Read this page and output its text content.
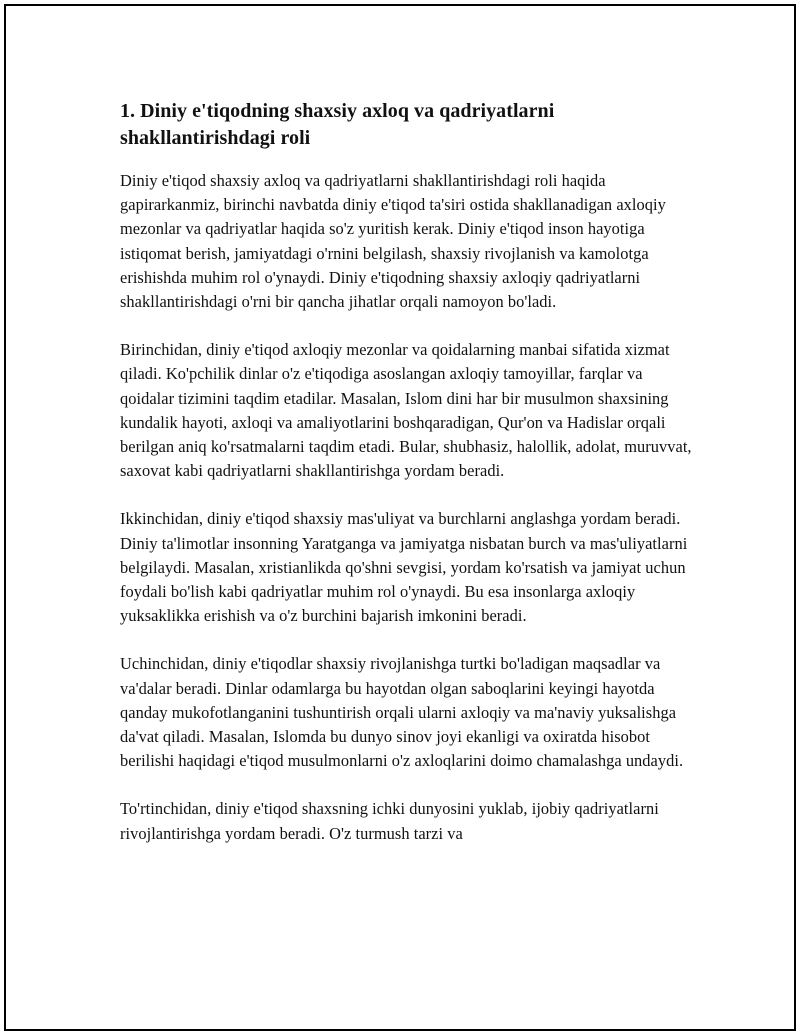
1. Diniy e'tiqodning shaxsiy axloq va qadriyatlarni shakllantirishdagi roli

Diniy e'tiqod shaxsiy axloq va qadriyatlarni shakllantirishdagi roli haqida gapirarkanmiz, birinchi navbatda diniy e'tiqod ta'siri ostida shakllanadigan axloqiy mezonlar va qadriyatlar haqida so'z yuritish kerak. Diniy e'tiqod inson hayotiga istiqomat berish, jamiyatdagi o'rnini belgilash, shaxsiy rivojlanish va kamolotga erishishda muhim rol o'ynaydi. Diniy e'tiqodning shaxsiy axloqiy qadriyatlarni shakllantirishdagi o'rni bir qancha jihatlar orqali namoyon bo'ladi.

Birinchidan, diniy e'tiqod axloqiy mezonlar va qoidalarning manbai sifatida xizmat qiladi. Ko'pchilik dinlar o'z e'tiqodiga asoslangan axloqiy tamoyillar, farqlar va qoidalar tizimini taqdim etadilar. Masalan, Islom dini har bir musulmon shaxsining kundalik hayoti, axloqi va amaliyotlarini boshqaradigan, Qur'on va Hadislar orqali berilgan aniq ko'rsatmalarni taqdim etadi. Bular, shubhasiz, halollik, adolat, muruvvat, saxovat kabi qadriyatlarni shakllantirishga yordam beradi.

Ikkinchidan, diniy e'tiqod shaxsiy mas'uliyat va burchlarni anglashga yordam beradi. Diniy ta'limotlar insonning Yaratganga va jamiyatga nisbatan burch va mas'uliyatlarni belgilaydi. Masalan, xristianlikda qo'shni sevgisi, yordam ko'rsatish va jamiyat uchun foydali bo'lish kabi qadriyatlar muhim rol o'ynaydi. Bu esa insonlarga axloqiy yuksaklikka erishish va o'z burchini bajarish imkonini beradi.

Uchinchidan, diniy e'tiqodlar shaxsiy rivojlanishga turtki bo'ladigan maqsadlar va va'dalar beradi. Dinlar odamlarga bu hayotdan olgan saboqlarini keyingi hayotda qanday mukofotlanganini tushuntirish orqali ularni axloqiy va ma'naviy yuksalishga da'vat qiladi. Masalan, Islomda bu dunyo sinov joyi ekanligi va oxiratda hisobot berilishi haqidagi e'tiqod musulmonlarni o'z axloqlarini doimo chamalashga undaydi.

To'rtinchidan, diniy e'tiqod shaxsning ichki dunyosini yuklab, ijobiy qadriyatlarni rivojlantirishga yordam beradi. O'z turmush tarzi va
